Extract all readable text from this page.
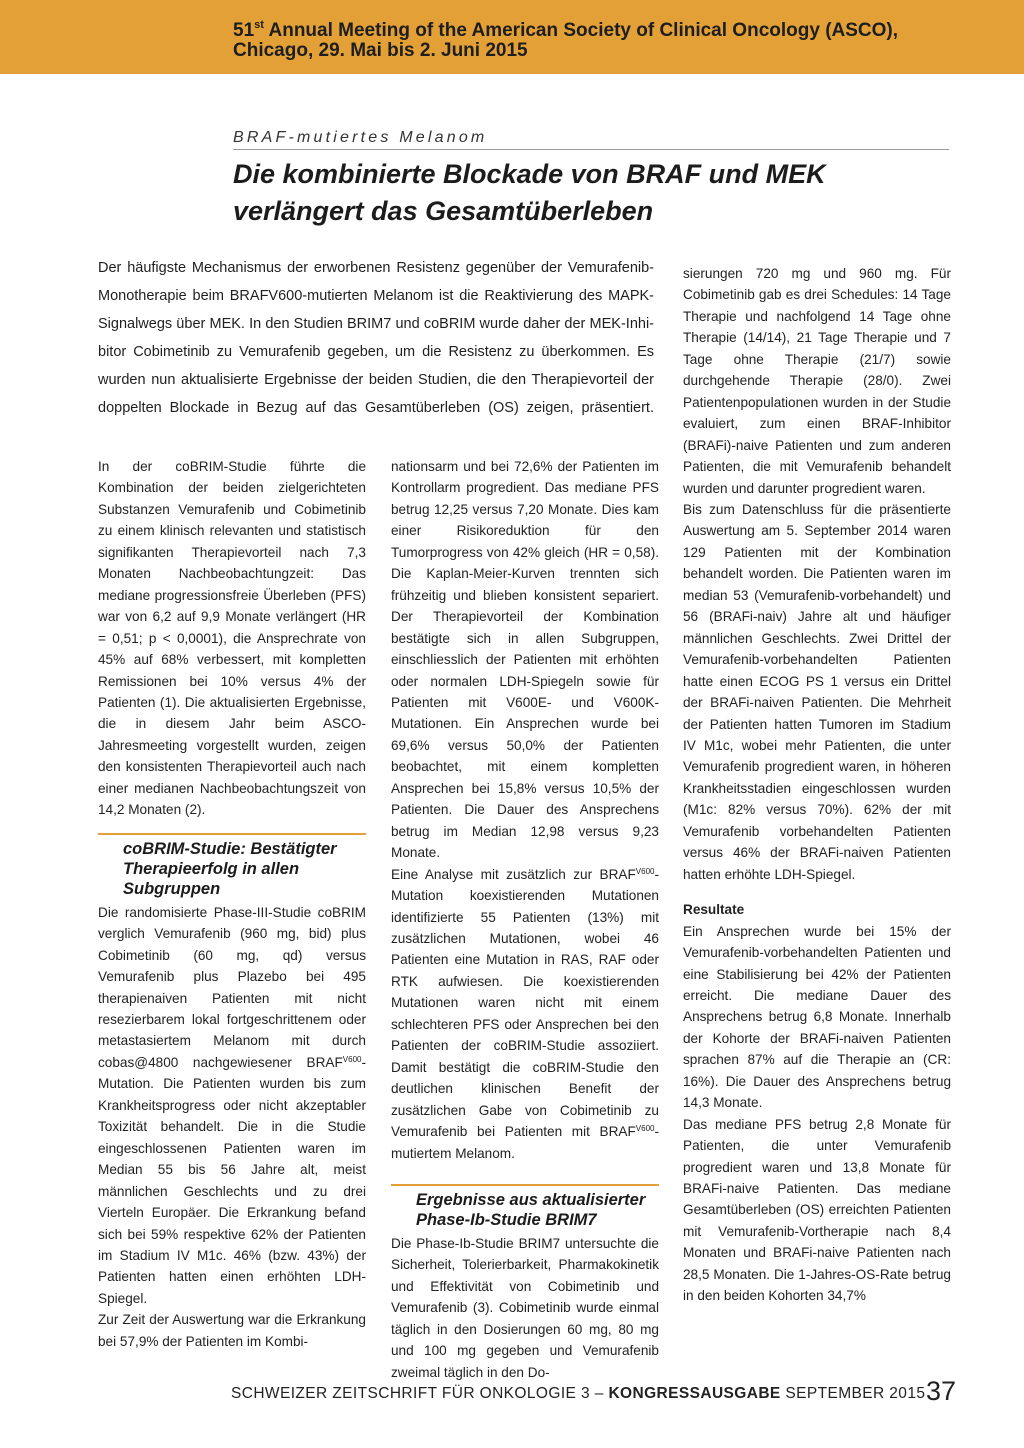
51st Annual Meeting of the American Society of Clinical Oncology (ASCO),
Chicago, 29. Mai bis 2. Juni 2015
BRAF-mutiertes Melanom
Die kombinierte Blockade von BRAF und MEK
verlängert das Gesamtüberleben
Der häufigste Mechanismus der erworbenen Resistenz gegenüber der Vemurafenib-
Monotherapie beim BRAFV600-mutierten Melanom ist die Reaktivierung des MAPK-
Signalwegs über MEK. In den Studien BRIM7 und coBRIM wurde daher der MEK-Inhi-
bitor Cobimetinib zu Vemurafenib gegeben, um die Resistenz zu überkommen. Es
wurden nun aktualisierte Ergebnisse der beiden Studien, die den Therapievorteil der
doppelten Blockade in Bezug auf das Gesamtüberleben (OS) zeigen, präsentiert.

In der coBRIM-Studie führte die Kombination der beiden zielgerichteten Substanzen Vemurafenib und Cobimetinib zu einem klinisch relevanten und statistisch signifikanten Therapievorteil nach 7,3 Monaten Nachbeobachtungzeit: Das mediane progressionsfreie Überleben (PFS) war von 6,2 auf 9,9 Monate verlängert (HR = 0,51; p < 0,0001), die Ansprechrate von 45% auf 68% verbessert, mit kompletten Remissionen bei 10% versus 4% der Patienten (1). Die aktualisierten Ergebnisse, die in diesem Jahr beim ASCO-Jahresmeeting vorgestellt wurden, zeigen den konsistenten Therapievorteil auch nach einer medianen Nachbeobachtungszeit von 14,2 Monaten (2).

coBRIM-Studie: Bestätigter Therapieerfolg in allen Subgruppen

Die randomisierte Phase-III-Studie coBRIM verglich Vemurafenib (960 mg, bid) plus Cobimetinib (60 mg, qd) versus Vemurafenib plus Plazebo bei 495 therapienaiven Patienten mit nicht resezierbarem lokal fortgeschrittenem oder metastasiertem Melanom mit durch cobas@4800 nachgewiesener $BRAF^{V600}$-Mutation. Die Patienten wurden bis zum Krankheitsprogress oder nicht akzeptabler Toxizität behandelt. Die in die Studie eingeschlossenen Patienten waren im Median 55 bis 56 Jahre alt, meist männlichen Geschlechts und zu drei Vierteln Europäer. Die Erkrankung befand sich bei 59% respektive 62% der Patienten im Stadium IV M1c. 46% (bzw. 43%) der Patienten hatten einen erhöhten LDH-Spiegel.

Zur Zeit der Auswertung war die Erkrankung bei 57,9% der Patienten im Kombi-

nationsarm und bei 72,6% der Patienten im Kontrollarm progredient. Das mediane PFS betrug 12,25 versus 7,20 Monate. Dies kam einer Risikoreduktion für den Tumorprogress von 42% gleich (HR = 0,58). Die Kaplan-Meier-Kurven trennten sich frühzeitig und blieben konsistent separiert. Der Therapievorteil der Kombination bestätigte sich in allen Subgruppen, einschliesslich der Patienten mit erhöhten oder normalen LDH-Spiegeln sowie für Patienten mit V600E- und V600K-Mutationen. Ein Ansprechen wurde bei 69,6% versus 50,0% der Patienten beobachtet, mit einem kompletten Ansprechen bei 15,8% versus 10,5% der Patienten. Die Dauer des Ansprechens betrug im Median 12,98 versus 9,23 Monate.

Eine Analyse mit zusätzlich zur $BRAF^{V600}$-Mutation koexistierenden Mutationen identifizierte 55 Patienten (13%) mit zusätzlichen Mutationen, wobei 46 Patienten eine Mutation in RAS, RAF oder RTK aufwiesen. Die koexistierenden Mutationen waren nicht mit einem schlechteren PFS oder Ansprechen bei den Patienten der coBRIM-Studie assoziiert. Damit bestätigt die coBRIM-Studie den deutlichen klinischen Benefit der zusätzlichen Gabe von Cobimetinib zu Vemurafenib bei Patienten mit $BRAF^{V600}$-mutiertem Melanom.

Ergebnisse aus aktualisierter Phase-Ib-Studie BRIM7

Die Phase-Ib-Studie BRIM7 untersuchte die Sicherheit, Tolerierbarkeit, Pharmakokinetik und Effektivität von Cobimetinib und Vemurafenib (3). Cobimetinib wurde einmal täglich in den Dosierungen 60 mg, 80 mg und 100 mg gegeben und Vemurafenib zweimal täglich in den Do-

sierungen 720 mg und 960 mg. Für Cobimetinib gab es drei Schedules: 14 Tage Therapie und nachfolgend 14 Tage ohne Therapie (14/14), 21 Tage Therapie und 7 Tage ohne Therapie (21/7) sowie durchgehende Therapie (28/0). Zwei Patientenpopulationen wurden in der Studie evaluiert, zum einen BRAF-Inhibitor (BRAFi)-naive Patienten und zum anderen Patienten, die mit Vemurafenib behandelt wurden und darunter progredient waren.

Bis zum Datenschluss für die präsentierte Auswertung am 5. September 2014 waren 129 Patienten mit der Kombination behandelt worden. Die Patienten waren im median 53 (Vemurafenib-vorbehandelt) und 56 (BRAFi-naiv) Jahre alt und häufiger männlichen Geschlechts. Zwei Drittel der Vemurafenib-vorbehandelten Patienten hatte einen ECOG PS 1 versus ein Drittel der BRAFi-naiven Patienten. Die Mehrheit der Patienten hatten Tumoren im Stadium IV M1c, wobei mehr Patienten, die unter Vemurafenib progredient waren, in höheren Krankheitsstadien eingeschlossen wurden (M1c: 82% versus 70%). 62% der mit Vemurafenib vorbehandelten Patienten versus 46% der BRAFi-naiven Patienten hatten erhöhte LDH-Spiegel.

Resultate

Ein Ansprechen wurde bei 15% der Vemurafenib-vorbehandelten Patienten und eine Stabilisierung bei 42% der Patienten erreicht. Die mediane Dauer des Ansprechens betrug 6,8 Monate. Innerhalb der Kohorte der BRAFi-naiven Patienten sprachen 87% auf die Therapie an (CR: 16%). Die Dauer des Ansprechens betrug 14,3 Monate.

Das mediane PFS betrug 2,8 Monate für Patienten, die unter Vemurafenib progredient waren und 13,8 Monate für BRAFi-naive Patienten. Das mediane Gesamtüberleben (OS) erreichten Patienten mit Vemurafenib-Vortherapie nach 8,4 Monaten und BRAFi-naive Patienten nach 28,5 Monaten. Die 1-Jahres-OS-Rate betrug in den beiden Kohorten 34,7%

SCHWEIZER ZEITSCHRIFT FÜR ONKOLOGIE 3 – KONGRESSAUSGABE SEPTEMBER 2015 37
